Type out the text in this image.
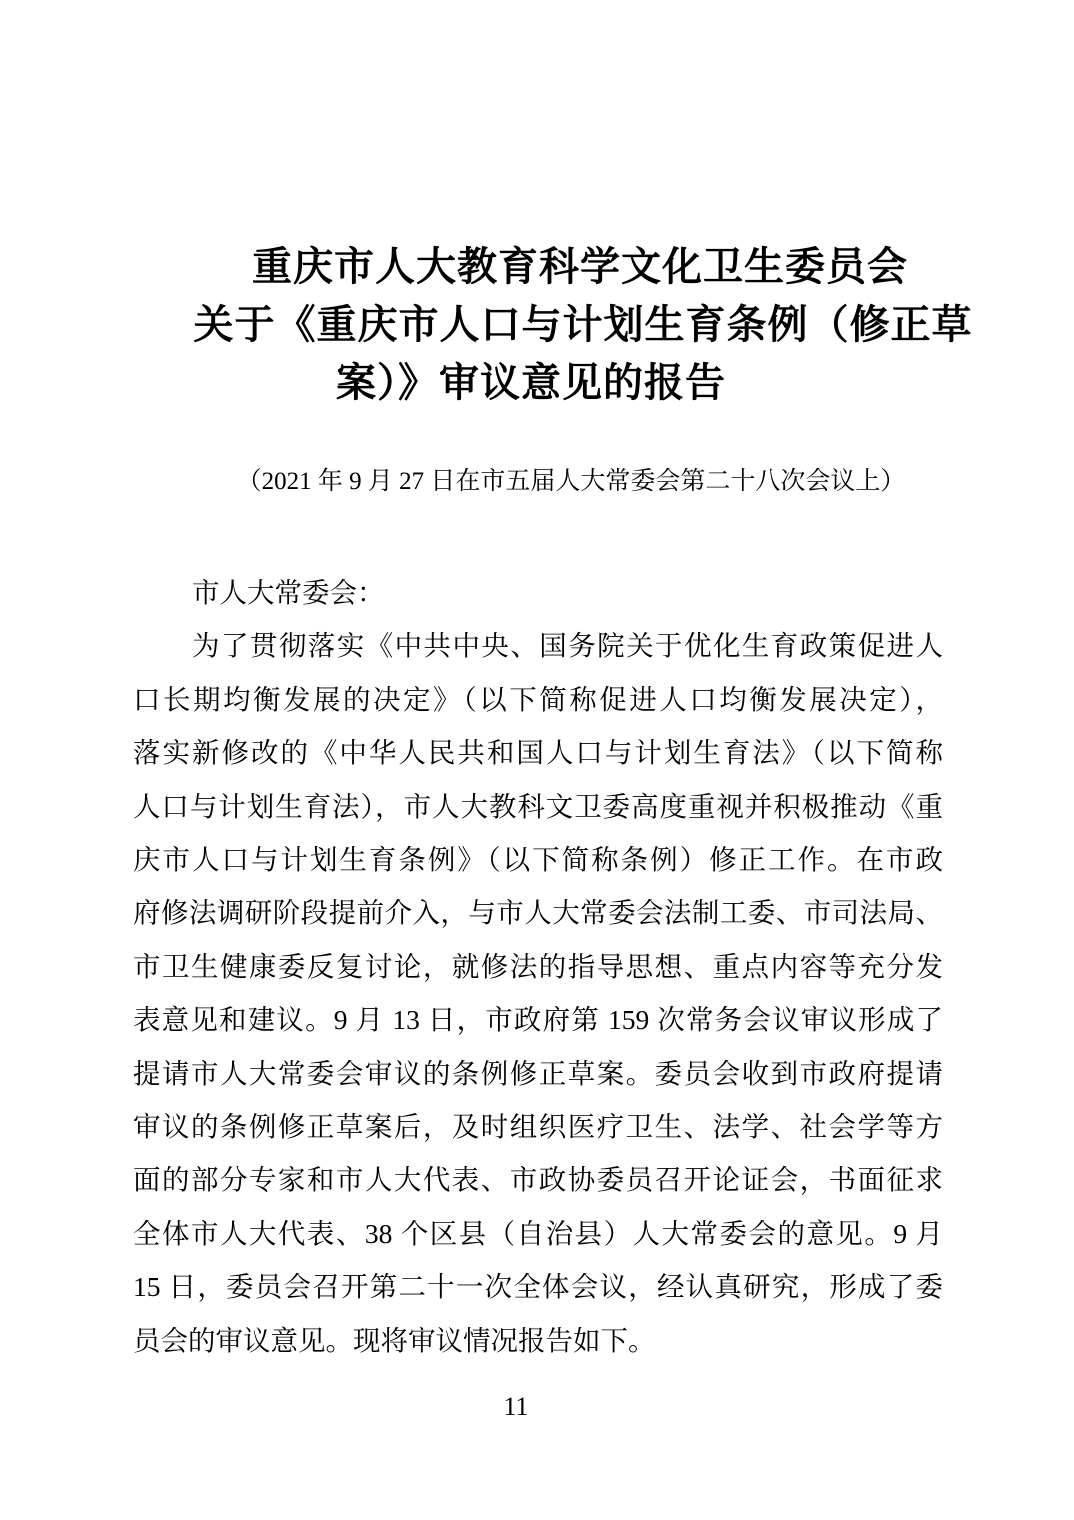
重庆市人大教育科学文化卫生委员会
关于《重庆市人口与计划生育条例（修正草
案）》审议意见的报告
（2021 年 9 月 27 日在市五届人大常委会第二十八次会议上）
市人大常委会：
为了贯彻落实《中共中央、国务院关于优化生育政策促进人
口长期均衡发展的决定》（以下简称促进人口均衡发展决定），
落实新修改的《中华人民共和国人口与计划生育法》（以下简称
人口与计划生育法），市人大教科文卫委高度重视并积极推动《重
庆市人口与计划生育条例》（以下简称条例）修正工作。在市政
府修法调研阶段提前介入，与市人大常委会法制工委、市司法局、
市卫生健康委反复讨论，就修法的指导思想、重点内容等充分发
表意见和建议。9 月 13 日，市政府第 159 次常务会议审议形成了
提请市人大常委会审议的条例修正草案。委员会收到市政府提请
审议的条例修正草案后，及时组织医疗卫生、法学、社会学等方
面的部分专家和市人大代表、市政协委员召开论证会，书面征求
全体市人大代表、38 个区县（自治县）人大常委会的意见。9 月
15 日，委员会召开第二十一次全体会议，经认真研究，形成了委
员会的审议意见。现将审议情况报告如下。
11
